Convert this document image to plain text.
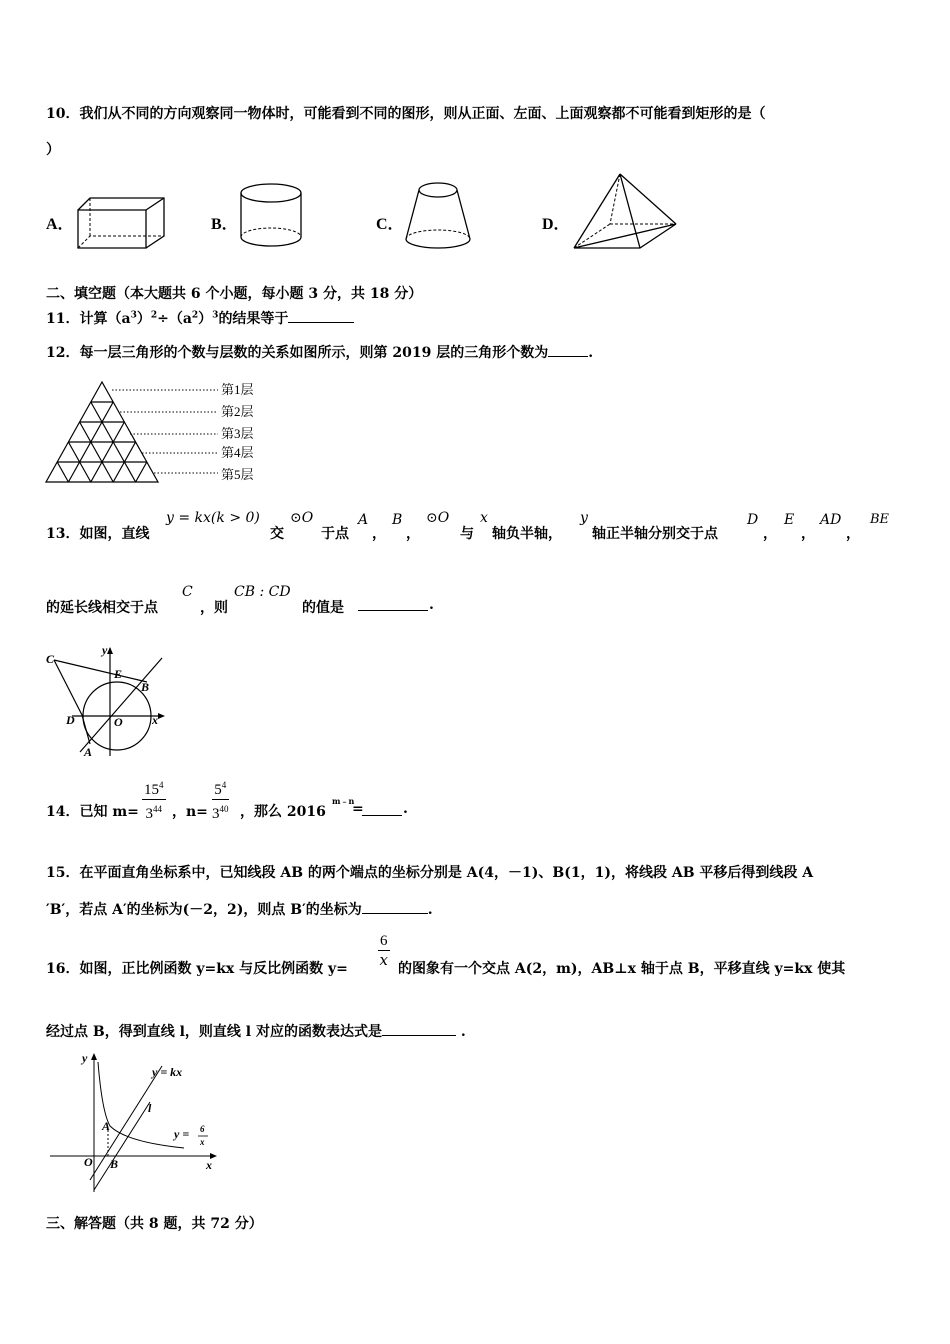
10．我们从不同的方向观察同一物体时，可能看到不同的图形，则从正面、左面、上面观察都不可能看到矩形的是（
）
A．	B．	C．	D．
二、填空题（本大题共 6 个小题，每小题 3 分，共 18 分）
11．计算$(a^3)^2\div(a^2)^3$的结果等于
12．每一层三角形的个数与层数的关系如图所示，则第 2019 层的三角形个数为	.
第1层
第2层
第3层
第4层
第5层
13．如图，直线
y = kx(k > 0)
交
⊙O
于点
A
，
B
，
⊙O
与
x
轴负半轴，
y
轴正半轴分别交于点
D
，
E
，
AD
，
BE
的延长线相交于点
C
，则
CB : CD
的值是	.
C
y
E
B
D	O x
A
14．已知 $m= \frac{15^4}{3^{44}}$ ，$n= \frac{5^4}{3^{40}}$ ，那么 2016
m﹣n
=	.
15．在平面直角坐标系中，已知线段 AB 的两个端点的坐标分别是 A(4，－1)、B(1，1)，将线段 AB 平移后得到线段 A
′B′，若点 A′的坐标为(－2，2)，则点 B′的坐标为	.
16．如图，正比例函数 y=kx 与反比例函数 $y= \frac{6}{x}$ 的图象有一个交点 A(2，m)，AB⊥x 轴于点 B，平移直线 y=kx 使其
经过点 B，得到直线 l，则直线 l 对应的函数表达式是	.
y
y = kx
l
A
y = 6
x
O B	x
三、解答题（共 8 题，共 72 分）
